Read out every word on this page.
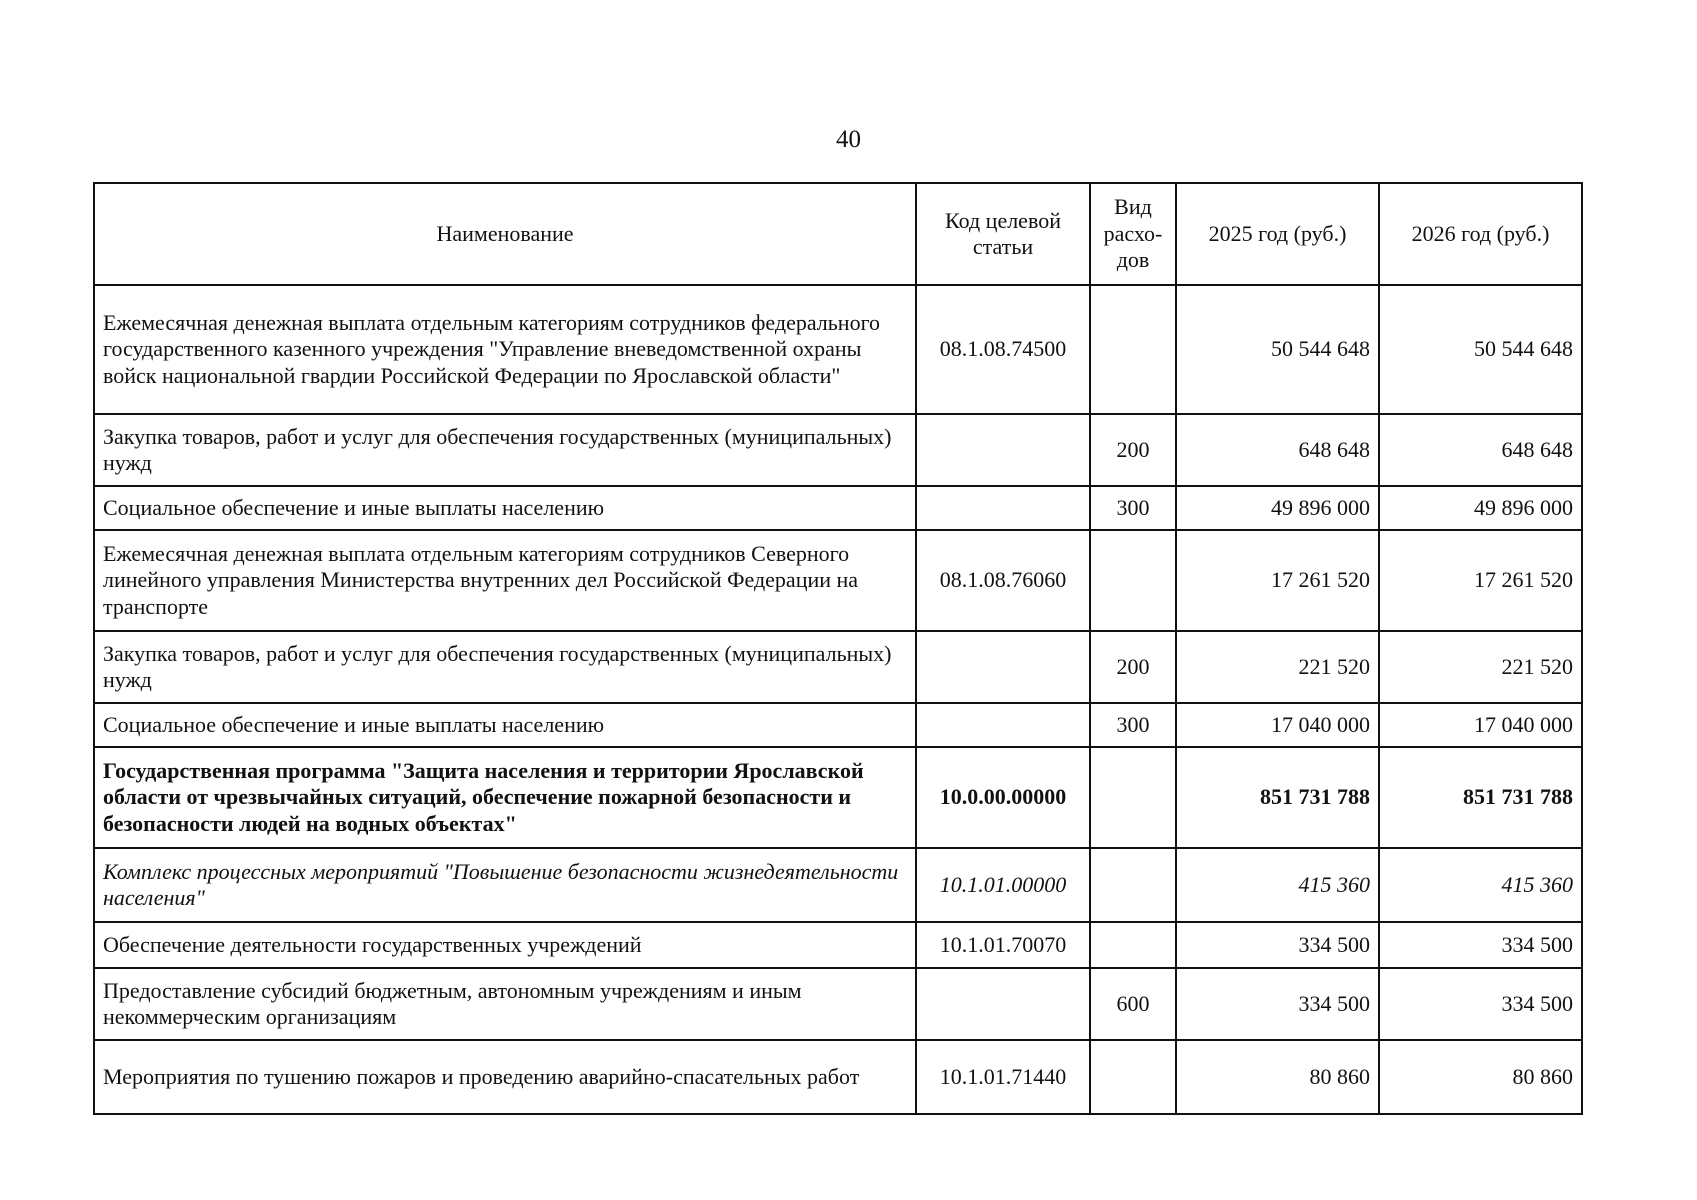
40
Наименование	Код целевой статьи	Вид расхо-дов	2025 год (руб.)	2026 год (руб.)
Ежемесячная денежная выплата отдельным категориям сотрудников федерального государственного казенного учреждения "Управление вневедомственной охраны войск национальной гвардии Российской Федерации по Ярославской области"	08.1.08.74500		50 544 648	50 544 648
Закупка товаров, работ и услуг для обеспечения государственных (муниципальных) нужд		200	648 648	648 648
Социальное обеспечение и иные выплаты населению		300	49 896 000	49 896 000
Ежемесячная денежная выплата отдельным категориям сотрудников Северного линейного управления Министерства внутренних дел Российской Федерации на транспорте	08.1.08.76060		17 261 520	17 261 520
Закупка товаров, работ и услуг для обеспечения государственных (муниципальных) нужд		200	221 520	221 520
Социальное обеспечение и иные выплаты населению		300	17 040 000	17 040 000
Государственная программа "Защита населения и территории Ярославской области от чрезвычайных ситуаций, обеспечение пожарной безопасности и безопасности людей на водных объектах"	10.0.00.00000		851 731 788	851 731 788
Комплекс процессных мероприятий "Повышение безопасности жизнедеятельности населения"	10.1.01.00000		415 360	415 360
Обеспечение деятельности государственных учреждений	10.1.01.70070		334 500	334 500
Предоставление субсидий бюджетным, автономным учреждениям и иным некоммерческим организациям		600	334 500	334 500
Мероприятия по тушению пожаров и проведению аварийно-спасательных работ	10.1.01.71440		80 860	80 860
